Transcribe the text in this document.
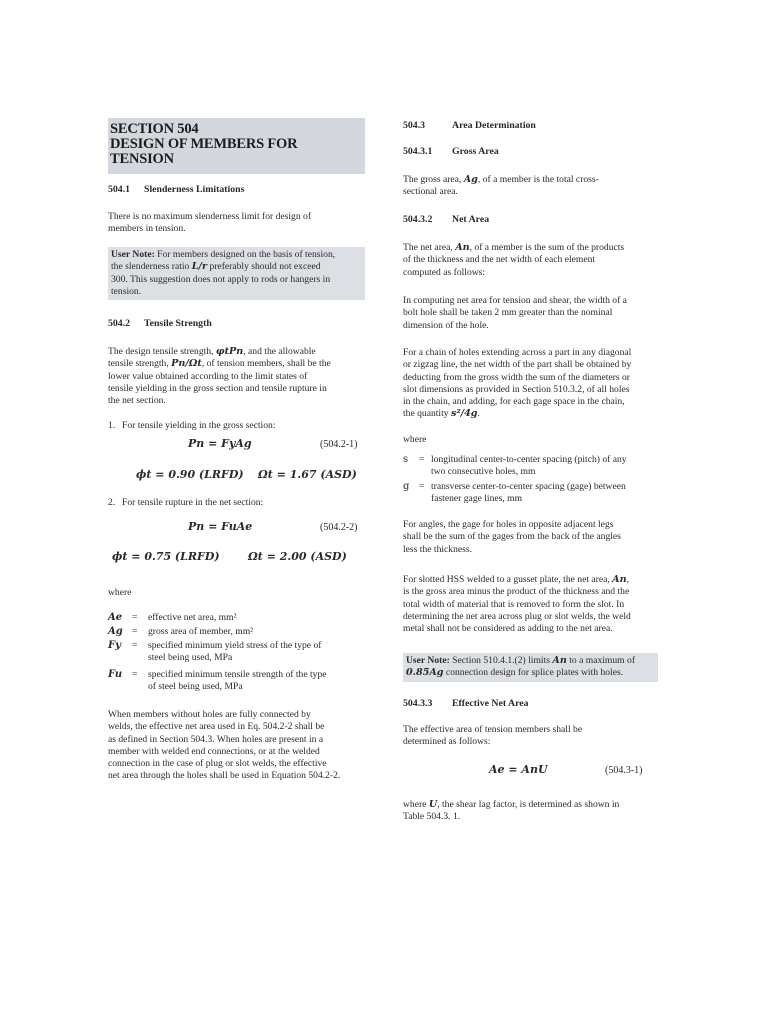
SECTION 504
DESIGN OF MEMBERS FOR
TENSION
504.1 Slenderness Limitations

There is no maximum slenderness limit for design of

members in tension.

User Note: For members designed on the basis of tension,

the slenderness ratio L/r preferably should not exceed

300. This suggestion does not apply to rods or hangers in

tension.

504.2 Tensile Strength

The design tensile strength, φtPn, and the allowable

tensile strength, Pn/Ωt, of tension members, shall be the

lower value obtained according to the limit states of

tensile yielding in the gross section and tensile rupture in

the net section.

1. For tensile yielding in the gross section:
Pn = FyAg	(504.2-1)
ϕt = 0.90 (LRFD) Ωt = 1.67 (ASD)
2. For tensile rupture in the net section:
Pn = FuAe	(504.2-2)
ϕt = 0.75 (LRFD)	Ωt = 2.00 (ASD)
where
Ae	=	effective net area, mm²
Ag =	gross area of member, mm²
Fy	=	specified minimum yield stress of the type of
steel being used, MPa
Fu	=	specified minimum tensile strength of the type
of steel being used, MPa

When members without holes are fully connected by

welds, the effective net area used in Eq. 504.2-2 shall be

as defined in Section 504.3. When holes are present in a

member with welded end connections, or at the welded

connection in the case of plug or slot welds, the effective

net area through the holes shall be used in Equation 504.2-2.

504.3	Area Determination
504.3.1 Gross Area

The gross area, Ag, of a member is the total cross-

sectional area.

504.3.2 Net Area

The net area, An, of a member is the sum of the products

of the thickness and the net width of each element

computed as follows:

In computing net area for tension and shear, the width of a

bolt hole shall be taken 2 mm greater than the nominal

dimension of the hole.

For a chain of holes extending across a part in any diagonal

or zigzag line, the net width of the part shall be obtained by

deducting from the gross width the sum of the diameters or

slot dimensions as provided in Section 510.3.2, of all holes

in the chain, and adding, for each gage space in the chain,

the quantity s²/4g.

where
s	= longitudinal center-to-center spacing (pitch) of any
two consecutive holes, mm
g = transverse center-to-center spacing (gage) between
fastener gage lines, mm

For angles, the gage for holes in opposite adjacent legs

shall be the sum of the gages from the back of the angles

less the thickness.

For slotted HSS welded to a gusset plate, the net area, An,

is the gross area minus the product of the thickness and the

total width of material that is removed to form the slot. In

determining the net area across plug or slot welds, the weld

metal shall not be considered as adding to the net area.

User Note: Section 510.4.1.(2) limits An to a maximum of

0.85Ag connection design for splice plates with holes.

504.3.3 Effective Net Area

The effective area of tension members shall be

determined as follows:

Ae = AnU	(504.3-1)

where U, the shear lag factor, is determined as shown in

Table 504.3. 1.
